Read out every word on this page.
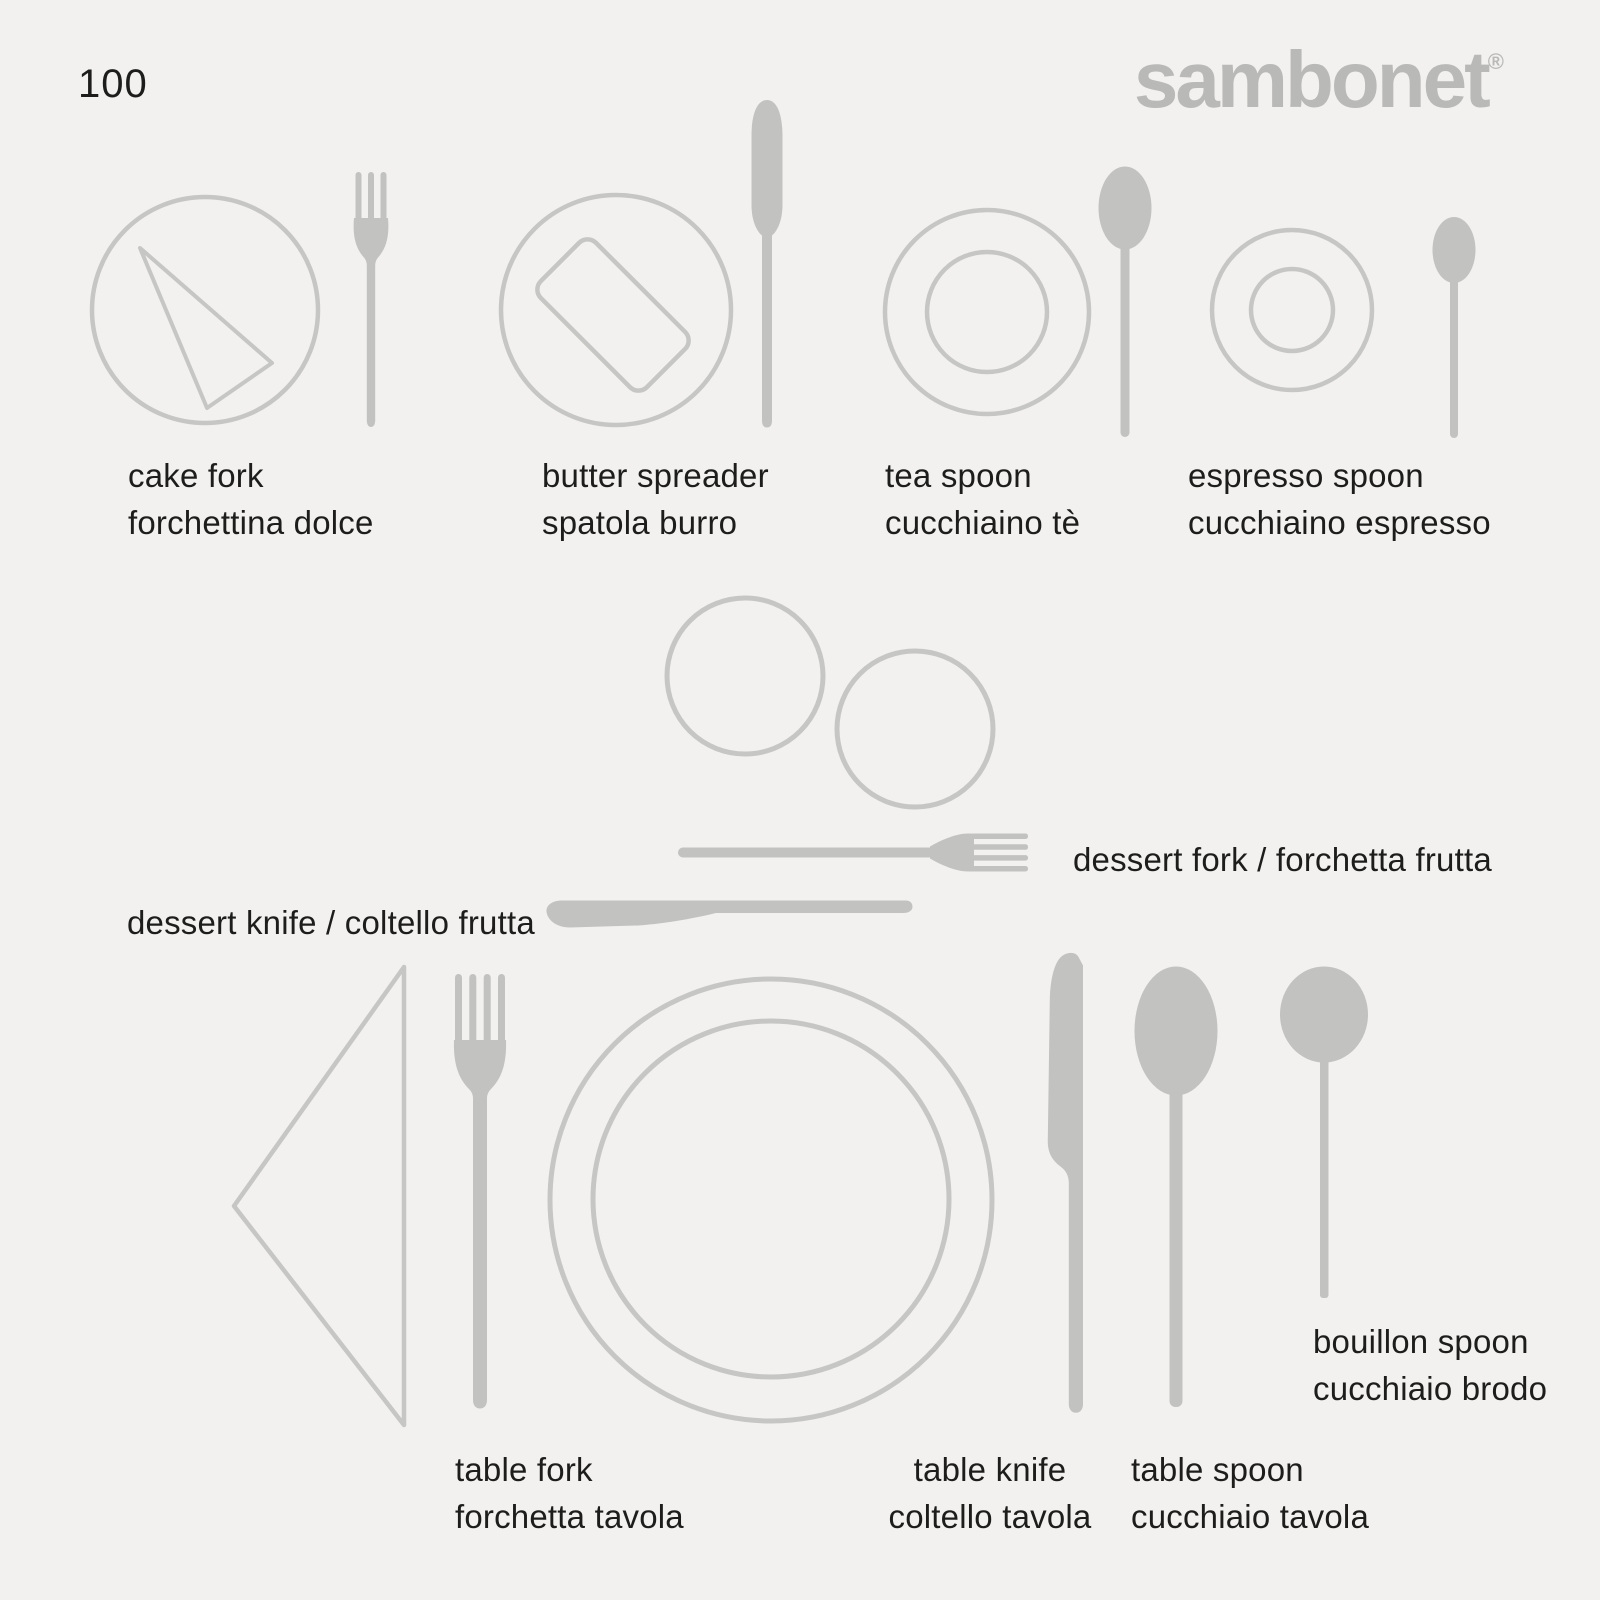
100	sambonet®
cake fork
forchettina dolce
butter spreader
spatola burro
tea spoon
cucchiaino tè
espresso spoon
cucchiaino espresso
dessert fork / forchetta frutta
dessert knife / coltello frutta
table fork
forchetta tavola
table knife
coltello tavola
table spoon
cucchiaio tavola
bouillon spoon
cucchiaio brodo
